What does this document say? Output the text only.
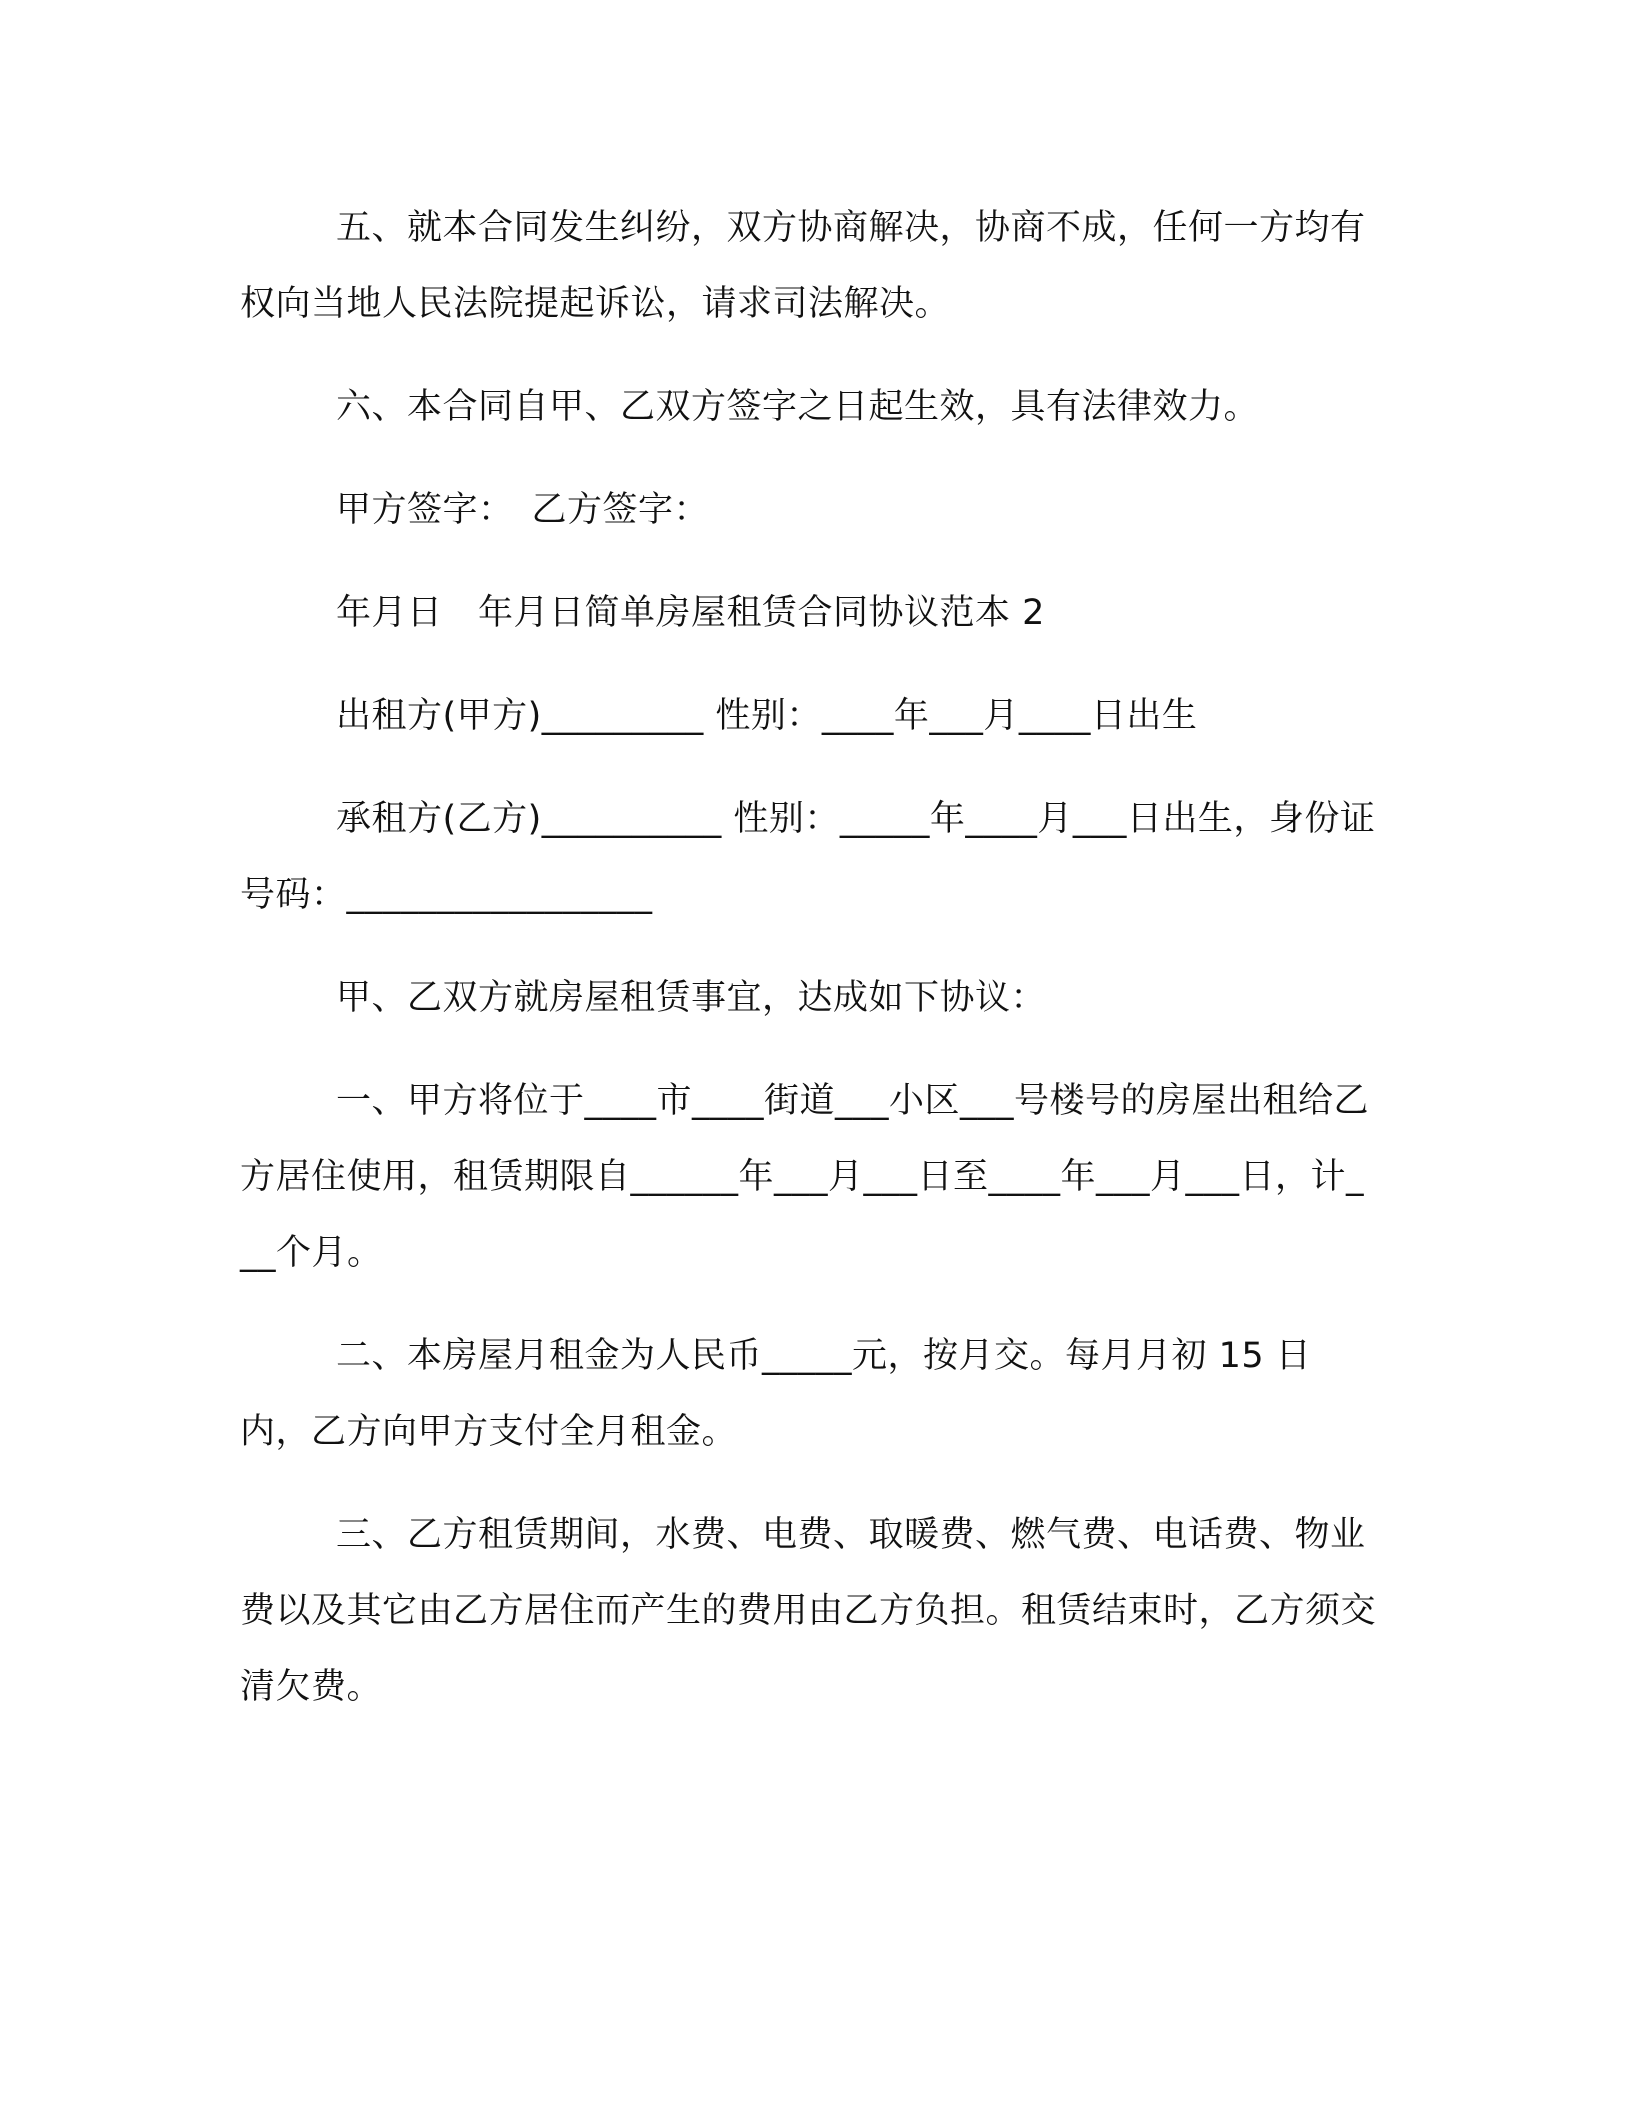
五、就本合同发生纠纷，双方协商解决，协商不成，任何一方均有权向当地人民法院提起诉讼，请求司法解决。

六、本合同自甲、乙双方签字之日起生效，具有法律效力。

甲方签字：　乙方签字：

年月日　年月日简单房屋租赁合同协议范本 2

出租方(甲方)_________ 性别：____年___月____日出生

承租方(乙方)__________ 性别：_____年____月___日出生，身份证号码：_________________

甲、乙双方就房屋租赁事宜，达成如下协议：

一、甲方将位于____市____街道___小区___号楼号的房屋出租给乙方居住使用，租赁期限自______年___月___日至____年___月___日，计___个月。

二、本房屋月租金为人民币_____元，按月交。每月月初 15 日内，乙方向甲方支付全月租金。

三、乙方租赁期间，水费、电费、取暖费、燃气费、电话费、物业费以及其它由乙方居住而产生的费用由乙方负担。租赁结束时，乙方须交清欠费。
